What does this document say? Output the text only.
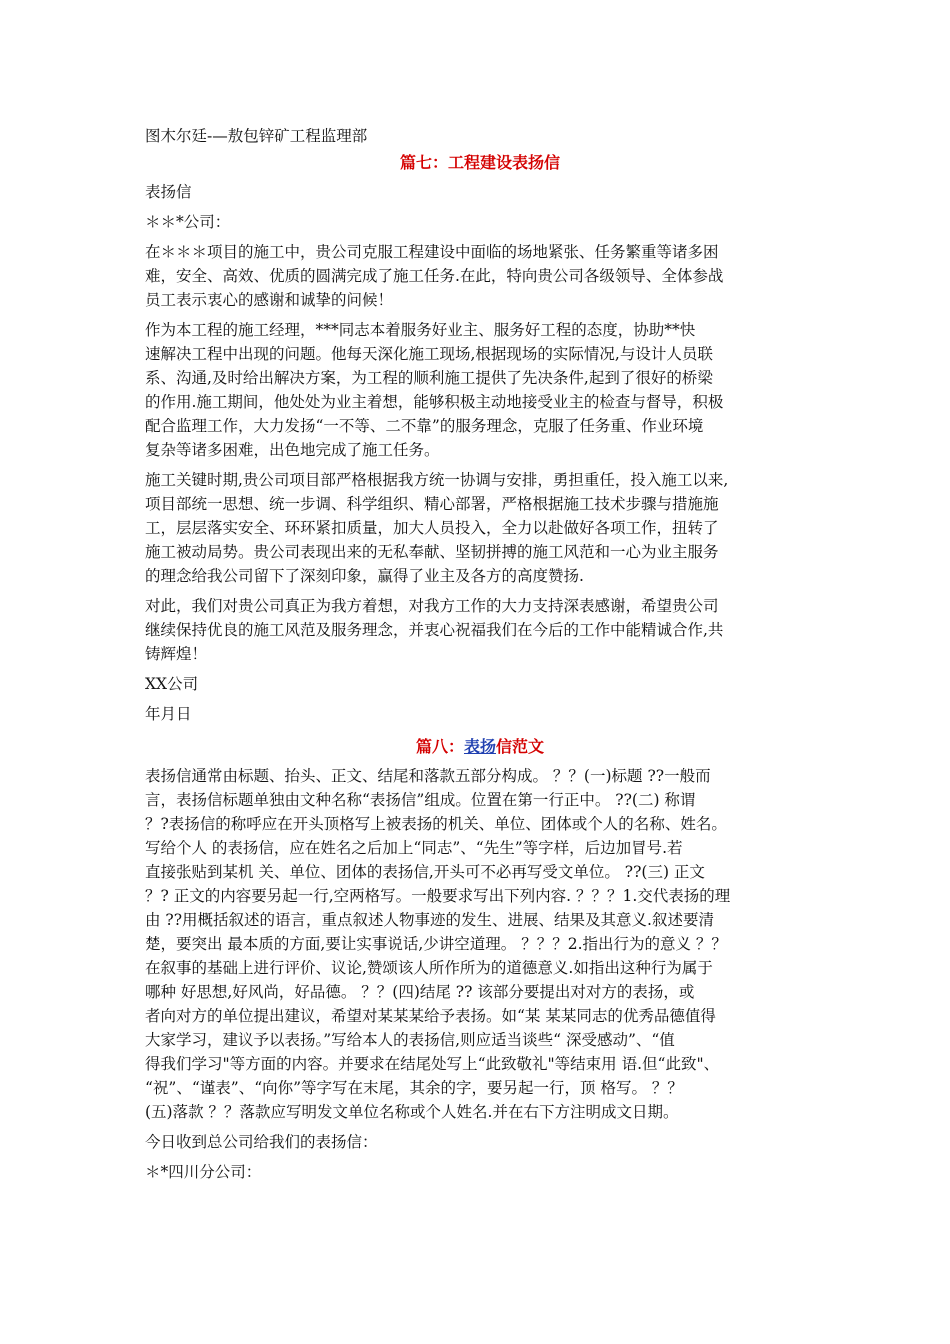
图木尔廷-—敖包锌矿工程监理部
篇七：工程建设表扬信
表扬信
＊＊*公司：
在＊＊＊项目的施工中，贵公司克服工程建设中面临的场地紧张、任务繁重等诸多困
难，安全、高效、优质的圆满完成了施工任务.在此，特向贵公司各级领导、全体参战
员工表示衷心的感谢和诚挚的问候！
作为本工程的施工经理，***同志本着服务好业主、服务好工程的态度，协助**快
速解决工程中出现的问题。他每天深化施工现场,根据现场的实际情况,与设计人员联
系、沟通,及时给出解决方案，为工程的顺利施工提供了先决条件,起到了很好的桥梁
的作用.施工期间，他处处为业主着想，能够积极主动地接受业主的检查与督导，积极
配合监理工作，大力发扬“一不等、二不靠”的服务理念，克服了任务重、作业环境
复杂等诸多困难，出色地完成了施工任务。
施工关键时期,贵公司项目部严格根据我方统一协调与安排，勇担重任，投入施工以来,
项目部统一思想、统一步调、科学组织、精心部署，严格根据施工技术步骤与措施施
工，层层落实安全、环环紧扣质量，加大人员投入，全力以赴做好各项工作，扭转了
施工被动局势。贵公司表现出来的无私奉献、坚韧拼搏的施工风范和一心为业主服务
的理念给我公司留下了深刻印象，赢得了业主及各方的高度赞扬.
对此，我们对贵公司真正为我方着想，对我方工作的大力支持深表感谢，希望贵公司
继续保持优良的施工风范及服务理念，并衷心祝福我们在今后的工作中能精诚合作,共
铸辉煌！
XX公司
年月日
篇八：表扬信范文
表扬信通常由标题、抬头、正文、结尾和落款五部分构成。 ？？(一)标题 ??一般而
言，表扬信标题单独由文种名称“表扬信”组成。位置在第一行正中。 ??(二) 称谓
？?表扬信的称呼应在开头顶格写上被表扬的机关、单位、团体或个人的名称、姓名。
写给个人 的表扬信，应在姓名之后加上“同志”、“先生”等字样，后边加冒号.若
直接张贴到某机 关、单位、团体的表扬信,开头可不必再写受文单位。 ??(三) 正文
？? 正文的内容要另起一行,空两格写。一般要求写出下列内容. ？？？1.交代表扬的理
由 ??用概括叙述的语言，重点叙述人物事迹的发生、进展、结果及其意义.叙述要清
楚，要突出 最本质的方面,要让实事说话,少讲空道理。 ？？？2.指出行为的意义 ？？
在叙事的基础上进行评价、议论,赞颂该人所作所为的道德意义.如指出这种行为属于
哪种 好思想,好风尚，好品德。 ？？(四)结尾 ?? 该部分要提出对对方的表扬，或
者向对方的单位提出建议，希望对某某某给予表扬。如“某 某某同志的优秀品德值得
大家学习，建议予以表扬。”写给本人的表扬信,则应适当谈些“ 深受感动”、“值
得我们学习"等方面的内容。并要求在结尾处写上“此致敬礼"等结束用 语.但“此致"、
“祝”、“谨表”、“向你”等字写在末尾，其余的字，要另起一行，顶 格写。 ？？
(五)落款 ？？落款应写明发文单位名称或个人姓名.并在右下方注明成文日期。
今日收到总公司给我们的表扬信：
＊*四川分公司：
